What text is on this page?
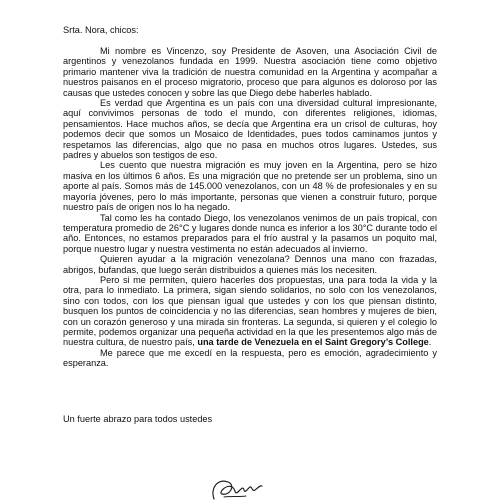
Srta. Nora, chicos:

Mi nombre es Vincenzo, soy Presidente de Asoven, una Asociación Civil de argentinos y venezolanos fundada en 1999. Nuestra asociación tiene como objetivo primario mantener viva la tradición de nuestra comunidad en la Argentina y acompañar a nuestros paisanos en el proceso migratorio, proceso que para algunos es doloroso por las causas que ustedes conocen y sobre las que Diego debe haberles hablado.

Es verdad que Argentina es un país con una diversidad cultural impresionante, aquí convivimos personas de todo el mundo, con diferentes religiones, idiomas, pensamientos. Hace muchos años, se decía que Argentina era un crisol de culturas, hoy podemos decir que somos un Mosaico de Identidades, pues todos caminamos juntos y respetamos las diferencias, algo que no pasa en muchos otros lugares. Ustedes, sus padres y abuelos son testigos de eso.

Les cuento que nuestra migración es muy joven en la Argentina, pero se hizo masiva en los últimos 6 años. Es una migración que no pretende ser un problema, sino un aporte al país. Somos más de 145.000 venezolanos, con un 48 % de profesionales y en su mayoría jóvenes, pero lo más importante, personas que vienen a construir futuro, porque nuestro país de origen nos lo ha negado.

Tal como les ha contado Diego, los venezolanos venimos de un país tropical, con temperatura promedio de 26°C y lugares donde nunca es inferior a los 30°C durante todo el año. Entonces, no estamos preparados para el frío austral y la pasamos un poquito mal, porque nuestro lugar y nuestra vestimenta no están adecuados al invierno.

Quieren ayudar a la migración venezolana? Dennos una mano con frazadas, abrigos, bufandas, que luego serán distribuidos a quienes más los necesiten.

Pero si me permiten, quiero hacerles dos propuestas, una para toda la vida y la otra, para lo inmediato. La primera, sigan siendo solidarios, no solo con los venezolanos, sino con todos, con los que piensan igual que ustedes y con los que piensan distinto, busquen los puntos de coincidencia y no las diferencias, sean hombres y mujeres de bien, con un corazón generoso y una mirada sin fronteras. La segunda, si quieren y el colegio lo permite, podemos organizar una pequeña actividad en la que les presentemos algo más de nuestra cultura, de nuestro país, una tarde de Venezuela en el Saint Gregory’s College.

Me parece que me excedí en la respuesta, pero es emoción, agradecimiento y esperanza.

Un fuerte abrazo para todos ustedes
